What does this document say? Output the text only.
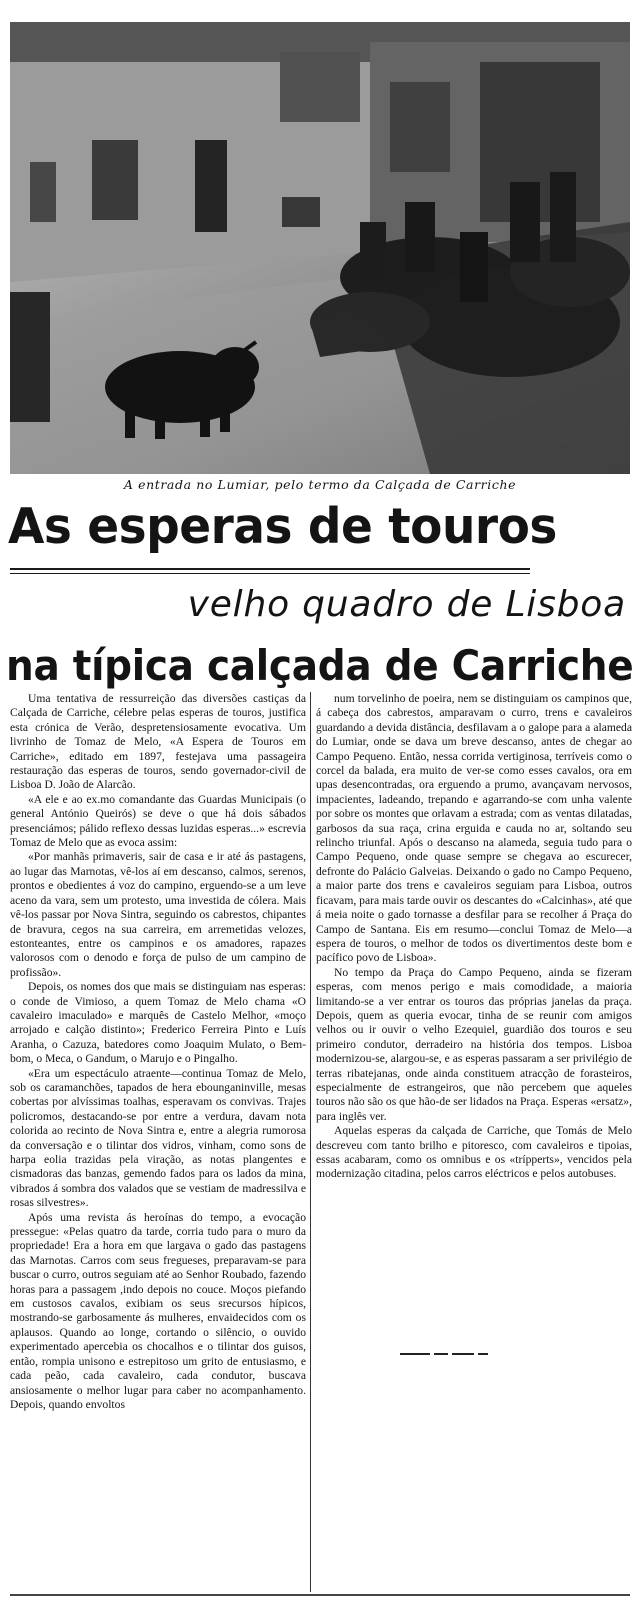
A entrada no Lumiar, pelo termo da Calçada de Carriche
As esperas de touros
velho quadro de Lisboa
na típica calçada de Carriche

Uma tentativa de ressurreição das diversões castiças da Calçada de Carriche, célebre pelas esperas de touros, justifica esta crónica de Verão, despretensiosamente evocativa. Um livrinho de Tomaz de Melo, «A Espera de Touros em Carriche», editado em 1897, festejava uma passageira restauração das esperas de touros, sendo governador-civil de Lisboa D. João de Alarcão.

«A ele e ao ex.mo comandante das Guardas Municipais (o general António Queirós) se deve o que há dois sábados presenciámos; pálido reflexo dessas luzidas esperas...» escrevia Tomaz de Melo que as evoca assim:

«Por manhãs primaveris, sair de casa e ir até ás pastagens, ao lugar das Marnotas, vê-los aí em descanso, calmos, serenos, prontos e obedientes á voz do campino, erguendo-se a um leve aceno da vara, sem um protesto, uma investida de cólera. Mais vê-los passar por Nova Sintra, seguindo os cabrestos, chipantes de bravura, cegos na sua carreira, em arremetidas velozes, estonteantes, entre os campinos e os amadores, rapazes valorosos com o denodo e força de pulso de um campino de profissão».

Depois, os nomes dos que mais se distinguiam nas esperas: o conde de Vimioso, a quem Tomaz de Melo chama «O cavaleiro imaculado» e marquês de Castelo Melhor, «moço arrojado e calção distinto»; Frederico Ferreira Pinto e Luís Aranha, o Cazuza, batedores como Joaquim Mulato, o Bem-bom, o Meca, o Gandum, o Marujo e o Pingalho.

«Era um espectáculo atraente—continua Tomaz de Melo, sob os caramanchões, tapados de hera ebounganinville, mesas cobertas por alvíssimas toalhas, esperavam os convivas. Trajes policromos, destacando-se por entre a verdura, davam nota colorida ao recinto de Nova Sintra e, entre a alegria rumorosa da conversação e o tilintar dos vidros, vinham, como sons de harpa eolia trazidas pela viração, as notas plangentes e cismadoras das banzas, gemendo fados para os lados da mina, vibrados á sombra dos valados que se vestiam de madressilva e rosas silvestres».

Após uma revista ás heroínas do tempo, a evocação pressegue: «Pelas quatro da tarde, corria tudo para o muro da propriedade! Era a hora em que largava o gado das pastagens das Marnotas. Carros com seus fregueses, preparavam-se para buscar o curro, outros seguiam até ao Senhor Roubado, fazendo horas para a passagem ,indo depois no couce. Moços piefando em custosos cavalos, exibiam os seus srecursos hípicos, mostrando-se garbosamente ás mulheres, envaidecidos com os aplausos. Quando ao longe, cortando o silêncio, o ouvido experimentado apercebia os chocalhos e o tilintar dos guisos, então, rompia unisono e estrepitoso um grito de entusiasmo, e cada peão, cada cavaleiro, cada condutor, buscava ansiosamente o melhor lugar para caber no acompanhamento. Depois, quando envoltos

num torvelinho de poeira, nem se distinguiam os campinos que, á cabeça dos cabrestos, amparavam o curro, trens e cavaleiros guardando a devida distância, desfilavam a o galope para a alameda do Lumiar, onde se dava um breve descanso, antes de chegar ao Campo Pequeno. Então, nessa corrida vertiginosa, terríveis como o corcel da balada, era muito de ver-se como esses cavalos, ora em upas desencontradas, ora erguendo a prumo, avançavam nervosos, impacientes, ladeando, trepando e agarrando-se com unha valente por sobre os montes que orlavam a estrada; com as ventas dilatadas, garbosos da sua raça, crina erguida e cauda no ar, soltando seu relincho triunfal. Após o descanso na alameda, seguia tudo para o Campo Pequeno, onde quase sempre se chegava ao escurecer, defronte do Palácio Galveias. Deixando o gado no Campo Pequeno, a maior parte dos trens e cavaleiros seguiam para Lisboa, outros ficavam, para mais tarde ouvir os descantes do «Calcinhas», até que á meia noite o gado tornasse a desfilar para se recolher á Praça do Campo de Santana. Eis em resumo—conclui Tomaz de Melo—a espera de touros, o melhor de todos os divertimentos deste bom e pacífico povo de Lisboa».

No tempo da Praça do Campo Pequeno, ainda se fizeram esperas, com menos perigo e mais comodidade, a maioria limitando-se a ver entrar os touros das próprias janelas da praça. Depois, quem as queria evocar, tinha de se reunir com amigos velhos ou ir ouvir o velho Ezequiel, guardião dos touros e seu primeiro condutor, derradeiro na história dos tempos. Lisboa modernizou-se, alargou-se, e as esperas passaram a ser privilégio de terras ribatejanas, onde ainda constituem atracção de forasteiros, especialmente de estrangeiros, que não percebem que aqueles touros não são os que hão-de ser lidados na Praça. Esperas «ersatz», para inglês ver.

Aquelas esperas da calçada de Carriche, que Tomás de Melo descreveu com tanto brilho e pitoresco, com cavaleiros e tipoias, essas acabaram, como os omnibus e os «trípperts», vencidos pela modernização citadina, pelos carros eléctricos e pelos autobuses.
